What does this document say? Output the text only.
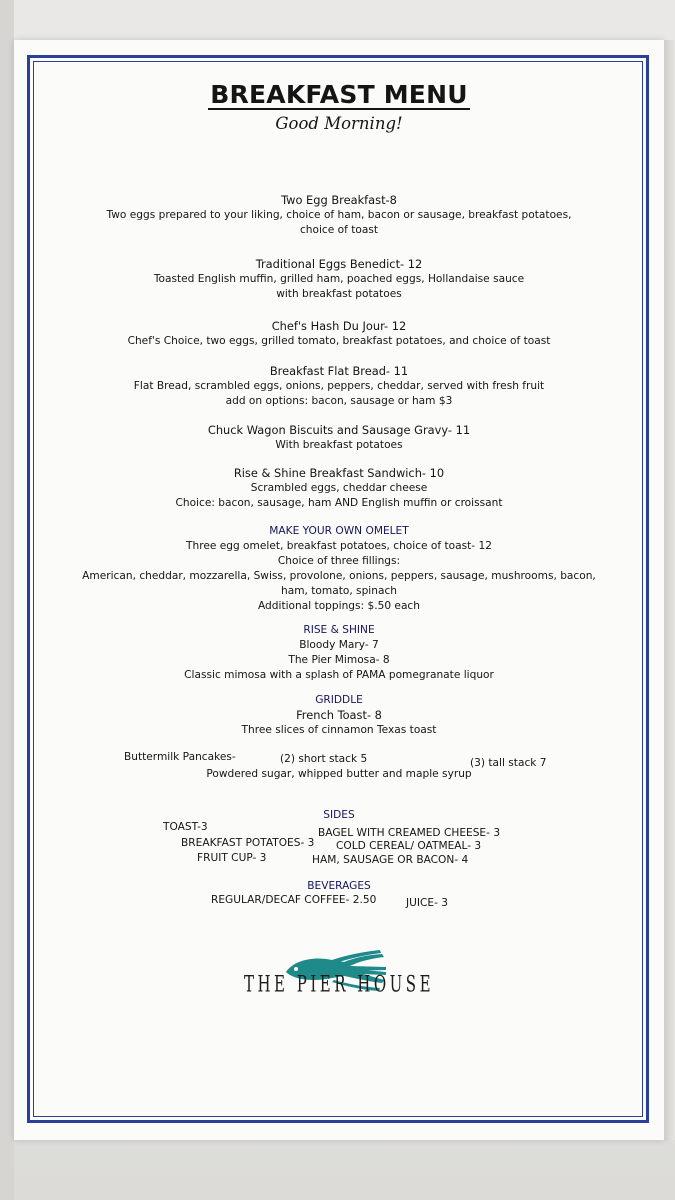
BREAKFAST MENU
Good Morning!
Two Egg Breakfast-8
Two eggs prepared to your liking, choice of ham, bacon or sausage, breakfast potatoes,
choice of toast
Traditional Eggs Benedict- 12
Toasted English muffin, grilled ham, poached eggs, Hollandaise sauce
with breakfast potatoes
Chef's Hash Du Jour- 12
Chef's Choice, two eggs, grilled tomato, breakfast potatoes, and choice of toast
Breakfast Flat Bread- 11
Flat Bread, scrambled eggs, onions, peppers, cheddar, served with fresh fruit
add on options: bacon, sausage or ham $3
Chuck Wagon Biscuits and Sausage Gravy- 11
With breakfast potatoes
Rise & Shine Breakfast Sandwich- 10
Scrambled eggs, cheddar cheese
Choice: bacon, sausage, ham AND English muffin or croissant
MAKE YOUR OWN OMELET
Three egg omelet, breakfast potatoes, choice of toast- 12
Choice of three fillings:
American, cheddar, mozzarella, Swiss, provolone, onions, peppers, sausage, mushrooms, bacon,
ham, tomato, spinach
Additional toppings: $.50 each
RISE & SHINE
Bloody Mary- 7
The Pier Mimosa- 8
Classic mimosa with a splash of PAMA pomegranate liquor
GRIDDLE
French Toast- 8
Three slices of cinnamon Texas toast
Buttermilk Pancakes-	(2) short stack 5	(3) tall stack 7
Powdered sugar, whipped butter and maple syrup
SIDES
TOAST-3	BAGEL WITH CREAMED CHEESE- 3
BREAKFAST POTATOES- 3 COLD CEREAL/ OATMEAL- 3
FRUIT CUP- 3	HAM, SAUSAGE OR BACON- 4
BEVERAGES
REGULAR/DECAF COFFEE- 2.50	JUICE- 3
THE PIER HOUSE
